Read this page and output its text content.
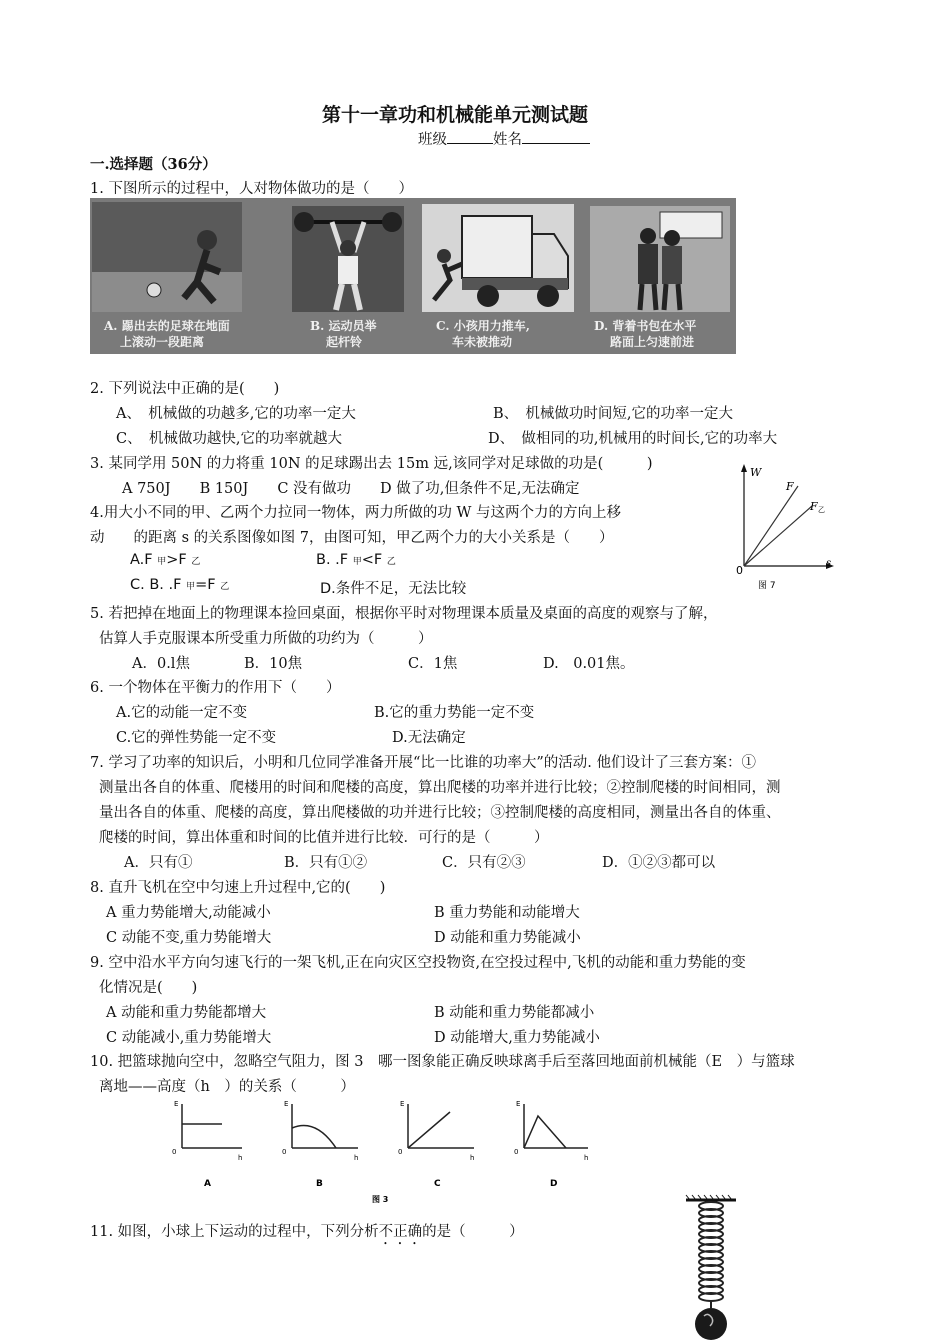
第十一章功和机械能单元测试题
班级	姓名
一.选择题（36分）
1. 下图所示的过程中，人对物体做功的是（　　）
A. 踢出去的足球在地面
上滚动一段距离
B. 运动员举
起杆铃
C. 小孩用力推车,
车未被推动
D. 背着书包在水平
路面上匀速前进
2. 下列说法中正确的是(　　)
A、　机械做的功越多,它的功率一定大	B、　机械做功时间短,它的功率一定大
C、　机械做功越快,它的功率就越大	D、　做相同的功,机械用的时间长,它的功率大
3. 某同学用 50N 的力将重 10N 的足球踢出去 15m 远,该同学对足球做的功是(　　　)
A 750J　　B 150J　　C 没有做功　　D 做了功,但条件不足,无法确定
4.用大小不同的甲、乙两个力拉同一物体，两力所做的功 W 与这两个力的方向上移
动　　的距离 s 的关系图像如图 7，由图可知，甲乙两个力的大小关系是（　　）
A.F 甲>F 乙	B. .F 甲<F 乙
C. B. .F 甲=F 乙	D.条件不足，无法比较
W
F
F 乙
0
s
图 7
5. 若把掉在地面上的物理课本捡回桌面，根据你平时对物理课本质量及桌面的高度的观察与了解，
估算人手克服课本所受重力所做的功约为（　　　）
A．0.l焦	B．10焦	C．1焦	D.　0.01焦。
6. 一个物体在平衡力的作用下（　　）
A.它的动能一定不变	B.它的重力势能一定不变
C.它的弹性势能一定不变	D.无法确定
7. 学习了功率的知识后，小明和几位同学准备开展“比一比谁的功率大”的活动. 他们设计了三套方案：①
测量出各自的体重、爬楼用的时间和爬楼的高度，算出爬楼的功率并进行比较；②控制爬楼的时间相同，测
量出各自的体重、爬楼的高度，算出爬楼做的功并进行比较；③控制爬楼的高度相同，测量出各自的体重、
爬楼的时间，算出体重和时间的比值并进行比较．可行的是（　　　）
A．只有①	B．只有①②	C．只有②③	D．①②③都可以
8. 直升飞机在空中匀速上升过程中,它的(　　)
A 重力势能增大,动能减小	B 重力势能和动能增大
C 动能不变,重力势能增大	D 动能和重力势能减小
9. 空中沿水平方向匀速飞行的一架飞机,正在向灾区空投物资,在空投过程中,飞机的动能和重力势能的变
化情况是(　　)
A 动能和重力势能都增大	B 动能和重力势能都减小
C 动能减小,重力势能增大	D 动能增大,重力势能减小
10. 把篮球抛向空中，忽略空气阻力，图 3　哪一图象能正确反映球离手后至落回地面前机械能（E　）与篮球
离地——高度（h　）的关系（　　　）
E
0
h
A
E
0
h
B
E
0
h
C
E
0
h
D
图 3
11. 如图，小球上下运动的过程中，下列分析不正确的是（　　　）
